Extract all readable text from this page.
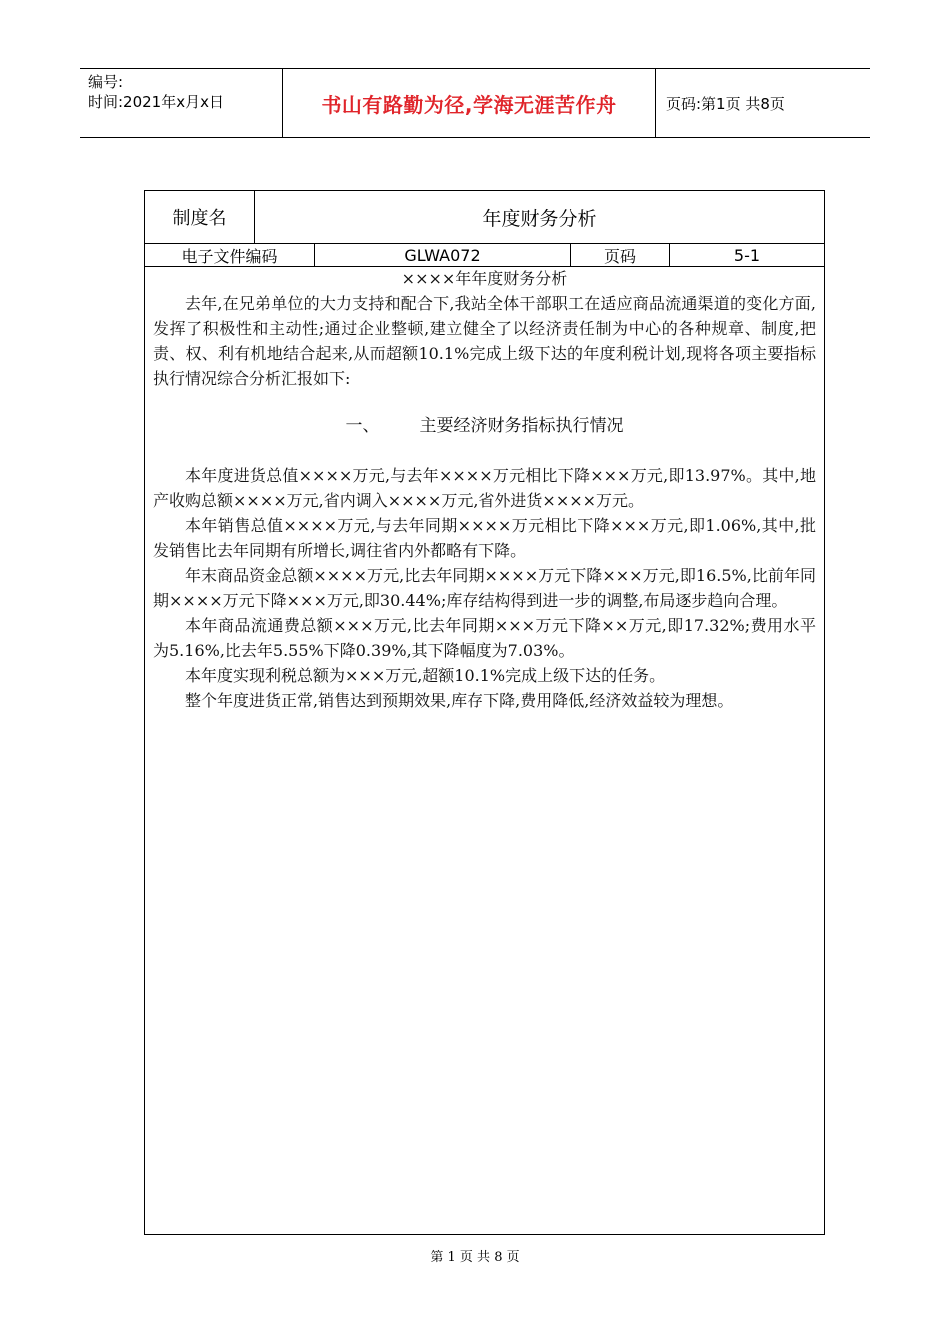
编号:
时间:2021年x月x日	书山有路勤为径,学海无涯苦作舟	页码:第1页 共8页
制度名	年度财务分析
电子文件编码	GLWA072	页码	5-1
××××年年度财务分析

去年,在兄弟单位的大力支持和配合下,我站全体干部职工在适应商品流通渠道的变化方面,发挥了积极性和主动性;通过企业整顿,建立健全了以经济责任制为中心的各种规章、制度,把责、权、利有机地结合起来,从而超额10.1%完成上级下达的年度利税计划,现将各项主要指标执行情况综合分析汇报如下:

一、 主要经济财务指标执行情况

本年度进货总值××××万元,与去年××××万元相比下降×××万元,即13.97%。其中,地产收购总额××××万元,省内调入××××万元,省外进货××××万元。

本年销售总值××××万元,与去年同期××××万元相比下降×××万元,即1.06%,其中,批发销售比去年同期有所增长,调往省内外都略有下降。

年末商品资金总额××××万元,比去年同期××××万元下降×××万元,即16.5%,比前年同期××××万元下降×××万元,即30.44%;库存结构得到进一步的调整,布局逐步趋向合理。

本年商品流通费总额×××万元,比去年同期×××万元下降××万元,即17.32%;费用水平为5.16%,比去年5.55%下降0.39%,其下降幅度为7.03%。

本年度实现利税总额为×××万元,超额10.1%完成上级下达的任务。

整个年度进货正常,销售达到预期效果,库存下降,费用降低,经济效益较为理想。

第 1 页 共 8 页
